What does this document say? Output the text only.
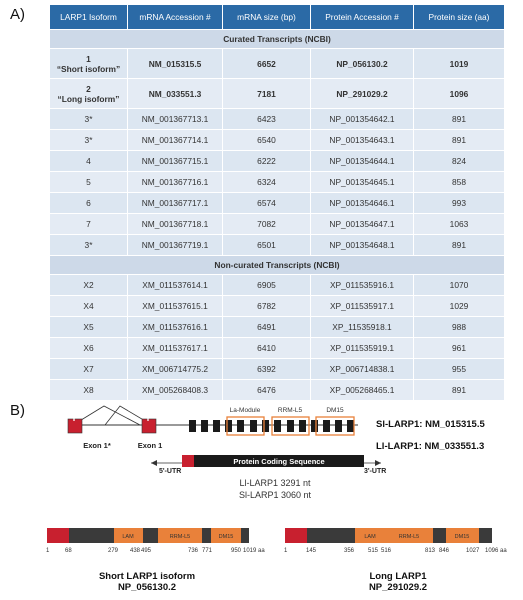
A)	LARP1 Isoform	mRNA Accession #	mRNA size (bp)	Protein Accession #	Protein size (aa)
Curated Transcripts (NCBI)				
1
“Short isoform”	NM_015315.5	6652	NP_056130.2	1019
2
“Long isoform”	NM_033551.3	7181	NP_291029.2	1096
3*	NM_001367713.1	6423	NP_001354642.1	891
3*	NM_001367714.1	6540	NP_001354643.1	891
4	NM_001367715.1	6222	NP_001354644.1	824
5	NM_001367716.1	6324	NP_001354645.1	858
6	NM_001367717.1	6574	NP_001354646.1	993
7	NM_001367718.1	7082	NP_001354647.1	1063
3*	NM_001367719.1	6501	NP_001354648.1	891
Non-curated Transcripts (NCBI)				
X2	XM_011537614.1	6905	XP_011535916.1	1070
X4	XM_011537615.1	6782	XP_011535917.1	1029
X5	XM_011537616.1	6491	XP_11535918.1	988
X6	XM_011537617.1	6410	XP_011535919.1	961
X7	XM_006714775.2	6392	XP_006714838.1	955
X8	XM_005268408.3	6476	XP_005268465.1	891
B)	La-Module	RRM-L5	DM15
Exon 1*	Exon 1
Sl-LARP1: NM_015315.5
Ll-LARP1: NM_033551.3
Protein Coding Sequence
5'-UTR	3'-UTR
Ll-LARP1 3291 nt
Sl-LARP1 3060 nt
LAM	RRM-L5	DM15
1	68	279 438 495	736 771	950 1019 aa
Short LARP1 isoform
NP_056130.2
LAM	RRM-L5	DM15
1	145	356 515 516	813 846	1027 1096 aa
Long LARP1
NP_291029.2
